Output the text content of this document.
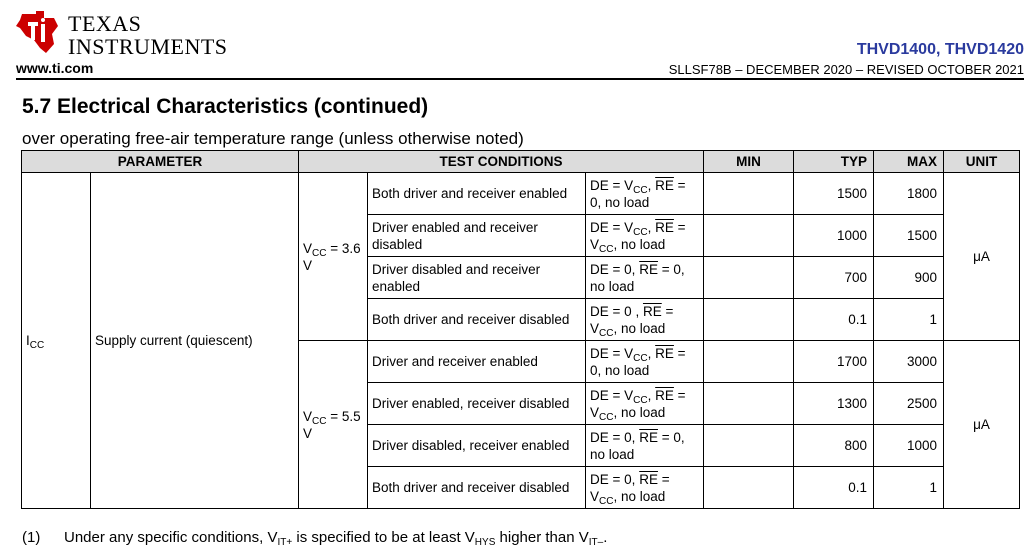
TEXAS
INSTRUMENTS
www.ti.com
THVD1400, THVD1420
SLLSF78B – DECEMBER 2020 – REVISED OCTOBER 2021
5.7 Electrical Characteristics (continued)
over operating free-air temperature range (unless otherwise noted)
PARAMETER		TEST CONDITIONS			MIN	TYP	MAX	UNIT
$I_{CC}$	Supply current (quiescent)	$V_{CC} = 3.6$ V	Both driver and receiver enabled	DE = $V_{CC}$, $\overline{RE}$ =
0, no load		1500	1800	μA
			Driver enabled and receiver disabled	DE = $V_{CC}$, $\overline{RE}$ =
$V_{CC}$, no load		1000	1500	
			Driver disabled and receiver enabled	DE = 0, $\overline{RE} = 0$,
no load		700	900	
			Both driver and receiver disabled	DE = 0 , $\overline{RE}$ =
$V_{CC}$, no load		0.1	1	
		$V_{CC} = 5.5$ V	Driver and receiver enabled	DE = $V_{CC}$, $\overline{RE}$ =
0, no load		1700	3000	μA
			Driver enabled, receiver disabled	DE = $V_{CC}$, $\overline{RE}$ =
$V_{CC}$, no load		1300	2500	
			Driver disabled, receiver enabled	DE = 0, $\overline{RE} = 0$,
no load		800	1000	
			Both driver and receiver disabled	DE = 0, $\overline{RE}$ =
$V_{CC}$, no load		0.1	1	
(1) Under any specific conditions, $V_{IT+}$ is specified to be at least $V_{HYS}$ higher than $V_{IT-}$.
